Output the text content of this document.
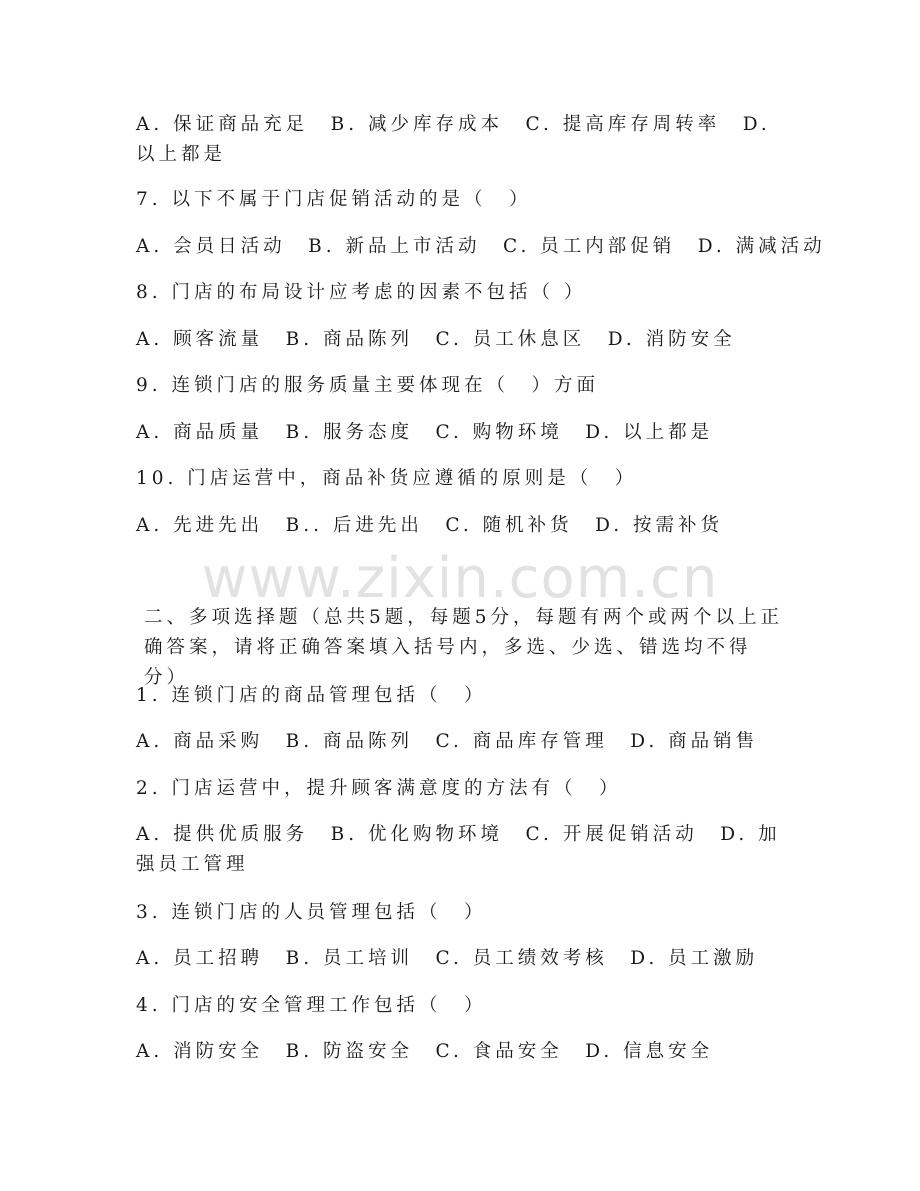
A. 保证商品充足　B. 减少库存成本　C. 提高库存周转率　D. 以上都是
7. 以下不属于门店促销活动的是（　）
A. 会员日活动　B. 新品上市活动　C. 员工内部促销　D. 满减活动
8. 门店的布局设计应考虑的因素不包括（ ）
A. 顾客流量　B. 商品陈列　C. 员工休息区　D. 消防安全
9. 连锁门店的服务质量主要体现在（　）方面
A. 商品质量　B. 服务态度　C. 购物环境　D. 以上都是
10. 门店运营中，商品补货应遵循的原则是（　）
A. 先进先出　B.. 后进先出　C. 随机补货　D. 按需补货
www.zixin.com.cn
二、多项选择题（总共5题，每题5分，每题有两个或两个以上正确答案，请将正确答案填入括号内，多选、少选、错选均不得分）
1. 连锁门店的商品管理包括（　）
A. 商品采购　B. 商品陈列　C. 商品库存管理　D. 商品销售
2. 门店运营中，提升顾客满意度的方法有（　）
A. 提供优质服务　B. 优化购物环境　C. 开展促销活动　D. 加强员工管理
3. 连锁门店的人员管理包括（　）
A. 员工招聘　B. 员工培训　C. 员工绩效考核　D. 员工激励
4. 门店的安全管理工作包括（　）
A. 消防安全　B. 防盗安全　C. 食品安全　D. 信息安全
